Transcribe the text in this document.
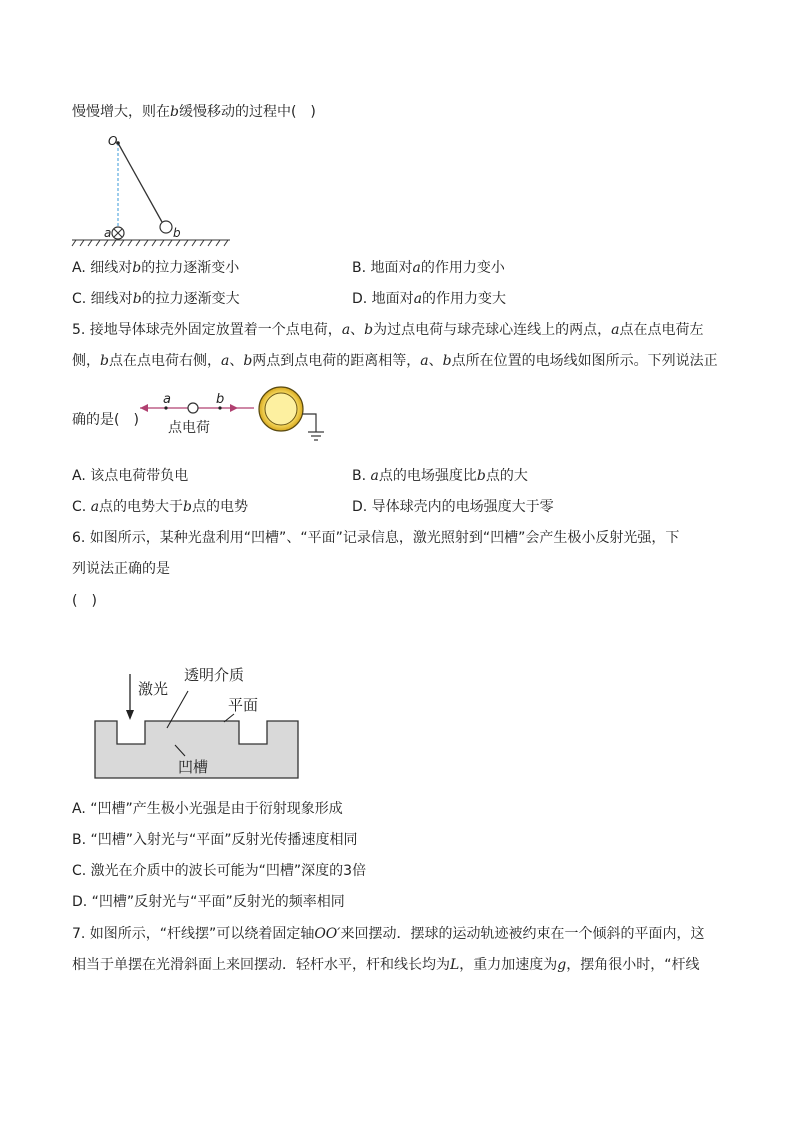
慢慢增大，则在b缓慢移动的过程中(　)
O
a	b
A. 细线对b的拉力逐渐变小	B. 地面对a的作用力变小
C. 细线对b的拉力逐渐变大	D. 地面对a的作用力变大
5. 接地导体球壳外固定放置着一个点电荷，a、b为过点电荷与球壳球心连线上的两点，a点在点电荷左
侧，b点在点电荷右侧，a、b两点到点电荷的距离相等，a、b点所在位置的电场线如图所示。下列说法正
确的是(　)
a	b
点电荷
A. 该点电荷带负电	B. a点的电场强度比b点的大
C. a点的电势大于b点的电势	D. 导体球壳内的电场强度大于零
6. 如图所示，某种光盘利用“凹槽”、“平面”记录信息，激光照射到“凹槽”会产生极小反射光强，下
列说法正确的是
(　)
激光
透明介质
平面
凹槽
A. “凹槽”产生极小光强是由于衍射现象形成
B. “凹槽”入射光与“平面”反射光传播速度相同
C. 激光在介质中的波长可能为“凹槽”深度的3倍
D. “凹槽”反射光与“平面”反射光的频率相同
7. 如图所示，“杆线摆”可以绕着固定轴OO′来回摆动．摆球的运动轨迹被约束在一个倾斜的平面内，这
相当于单摆在光滑斜面上来回摆动．轻杆水平，杆和线长均为L，重力加速度为g，摆角很小时，“杆线
